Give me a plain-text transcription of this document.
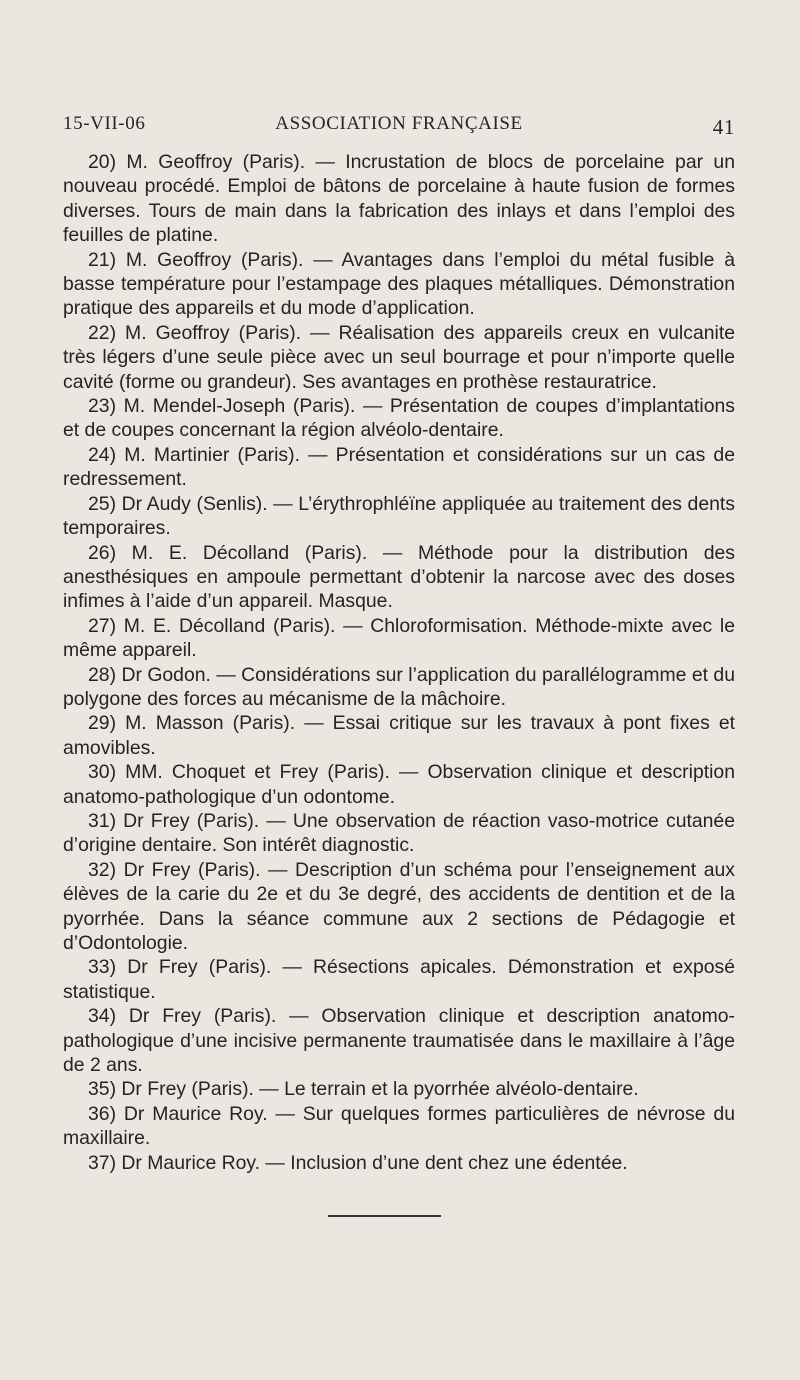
15-VII-06	ASSOCIATION FRANÇAISE	41

20) M. Geoffroy (Paris). — Incrustation de blocs de porcelaine par un nouveau procédé. Emploi de bâtons de porcelaine à haute fusion de formes diverses. Tours de main dans la fabrication des inlays et dans l’emploi des feuilles de platine.

21) M. Geoffroy (Paris). — Avantages dans l’emploi du métal fusible à basse température pour l’estampage des plaques métalliques. Démonstration pratique des appareils et du mode d’application.

22) M. Geoffroy (Paris). — Réalisation des appareils creux en vulcanite très légers d’une seule pièce avec un seul bourrage et pour n’importe quelle cavité (forme ou grandeur). Ses avantages en prothèse restauratrice.

23) M. Mendel-Joseph (Paris). — Présentation de coupes d’implantations et de coupes concernant la région alvéolo-dentaire.

24) M. Martinier (Paris). — Présentation et considérations sur un cas de redressement.

25) Dr Audy (Senlis). — L’érythrophléïne appliquée au traitement des dents temporaires.

26) M. E. Décolland (Paris). — Méthode pour la distribution des anesthésiques en ampoule permettant d’obtenir la narcose avec des doses infimes à l’aide d’un appareil. Masque.

27) M. E. Décolland (Paris). — Chloroformisation. Méthode-mixte avec le même appareil.

28) Dr Godon. — Considérations sur l’application du parallélogramme et du polygone des forces au mécanisme de la mâchoire.

29) M. Masson (Paris). — Essai critique sur les travaux à pont fixes et amovibles.

30) MM. Choquet et Frey (Paris). — Observation clinique et description anatomo-pathologique d’un odontome.

31) Dr Frey (Paris). — Une observation de réaction vaso-motrice cutanée d’origine dentaire. Son intérêt diagnostic.

32) Dr Frey (Paris). — Description d’un schéma pour l’enseignement aux élèves de la carie du 2e et du 3e degré, des accidents de dentition et de la pyorrhée. Dans la séance commune aux 2 sections de Pédagogie et d’Odontologie.

33) Dr Frey (Paris). — Résections apicales. Démonstration et exposé statistique.

34) Dr Frey (Paris). — Observation clinique et description anatomo-pathologique d’une incisive permanente traumatisée dans le maxillaire à l’âge de 2 ans.

35) Dr Frey (Paris). — Le terrain et la pyorrhée alvéolo-dentaire.

36) Dr Maurice Roy. — Sur quelques formes particulières de névrose du maxillaire.

37) Dr Maurice Roy. — Inclusion d’une dent chez une édentée.
